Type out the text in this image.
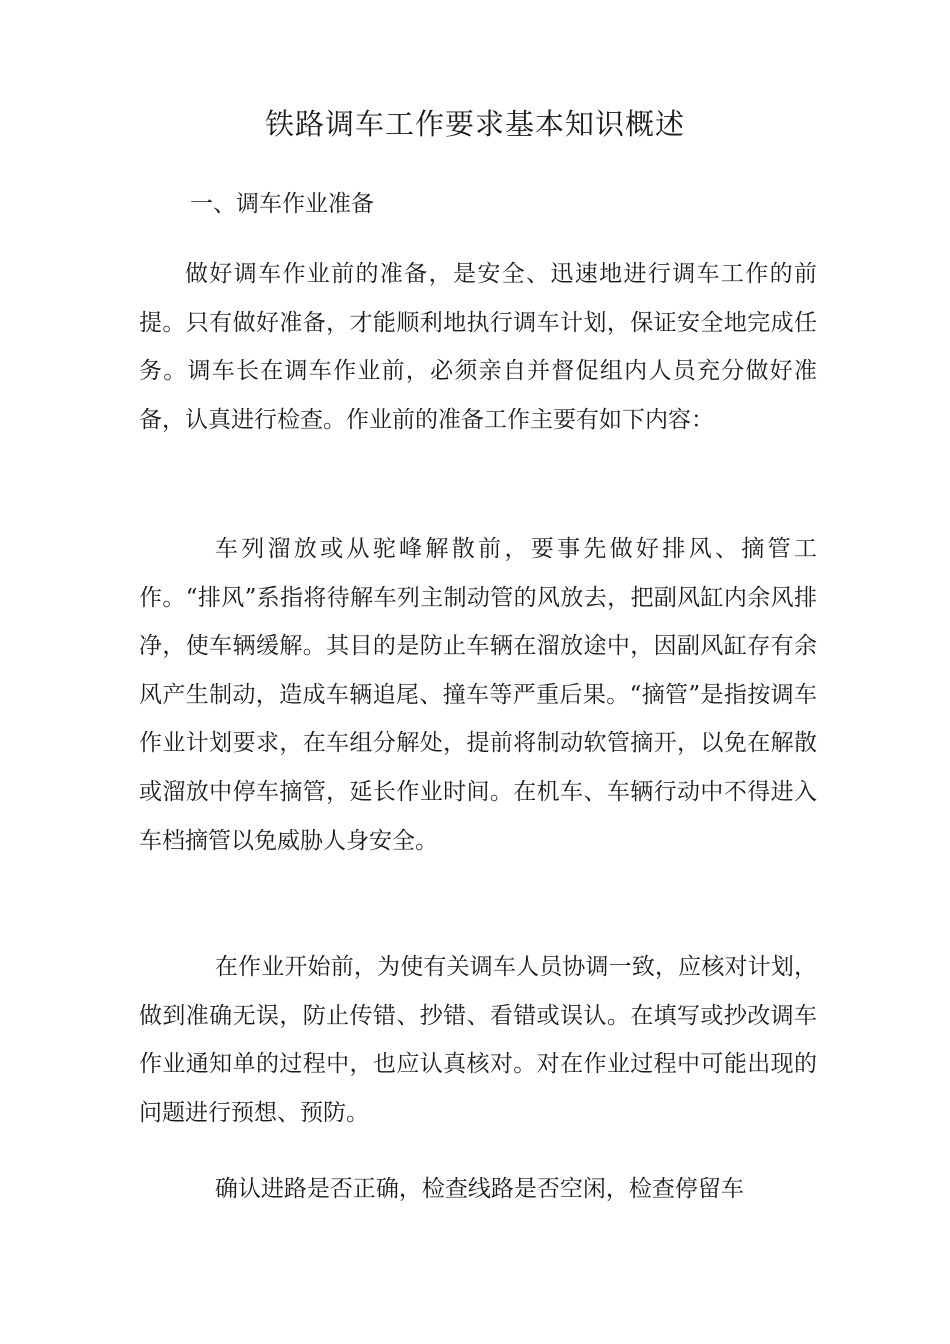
铁路调车工作要求基本知识概述
一、调车作业准备

做好调车作业前的准备，是安全、迅速地进行调车工作的前提。只有做好准备，才能顺利地执行调车计划，保证安全地完成任务。调车长在调车作业前，必须亲自并督促组内人员充分做好准备，认真进行检查。作业前的准备工作主要有如下内容：

车列溜放或从驼峰解散前，要事先做好排风、摘管工作。“排风”系指将待解车列主制动管的风放去，把副风缸内余风排净，使车辆缓解。其目的是防止车辆在溜放途中，因副风缸存有余风产生制动，造成车辆追尾、撞车等严重后果。“摘管”是指按调车作业计划要求，在车组分解处，提前将制动软管摘开，以免在解散或溜放中停车摘管，延长作业时间。在机车、车辆行动中不得进入车档摘管以免威胁人身安全。

在作业开始前，为使有关调车人员协调一致，应核对计划，做到准确无误，防止传错、抄错、看错或误认。在填写或抄改调车作业通知单的过程中，也应认真核对。对在作业过程中可能出现的问题进行预想、预防。

确认进路是否正确，检查线路是否空闲，检查停留车
